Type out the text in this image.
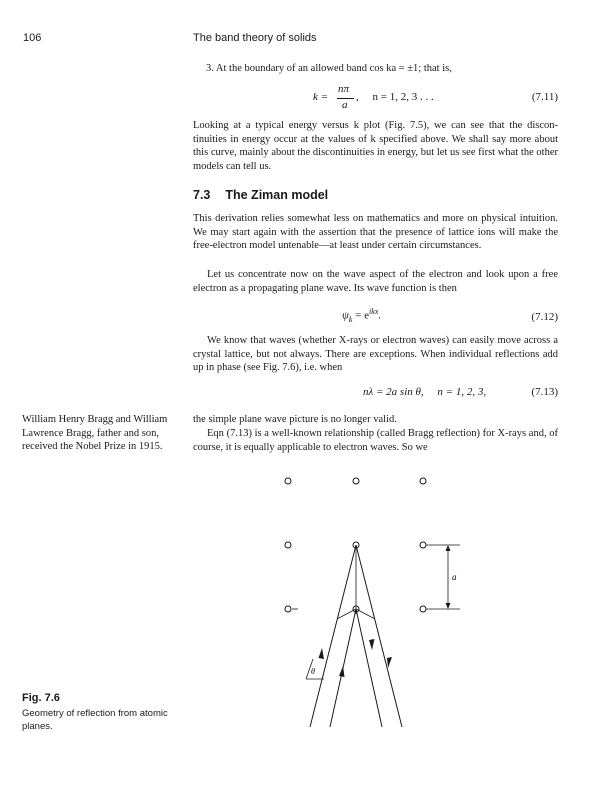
106	The band theory of solids
3. At the boundary of an allowed band cos ka = ±1; that is,
k =
nπ
a
,     n = 1, 2, 3 . . .	(7.11)
Looking at a typical energy versus k plot (Fig. 7.5), we can see that the discon-tinuities in energy occur at the values of k specified above. We shall say more about this curve, mainly about the discontinuities in energy, but let us see first what the other models can tell us.
7.3 The Ziman model
This derivation relies somewhat less on mathematics and more on physical intuition. We may start again with the assertion that the presence of lattice ions will make the free-electron model untenable—at least under certain circumstances.
Let us concentrate now on the wave aspect of the electron and look upon a free electron as a propagating plane wave. Its wave function is then
$\psi_k = e^{ikx}$.	(7.12)
We know that waves (whether X-rays or electron waves) can easily move across a crystal lattice, but not always. There are exceptions. When individual reflections add up in phase (see Fig. 7.6), i.e. when
nλ = 2a sin θ,     n = 1, 2, 3,	(7.13)
William Henry Bragg and William Lawrence Bragg, father and son, received the Nobel Prize in 1915.
the simple plane wave picture is no longer valid.
Eqn (7.13) is a well-known relationship (called Bragg reflection) for X-rays and, of course, it is equally applicable to electron waves. So we
a
θ
Fig. 7.6
Geometry of reflection from atomic planes.
